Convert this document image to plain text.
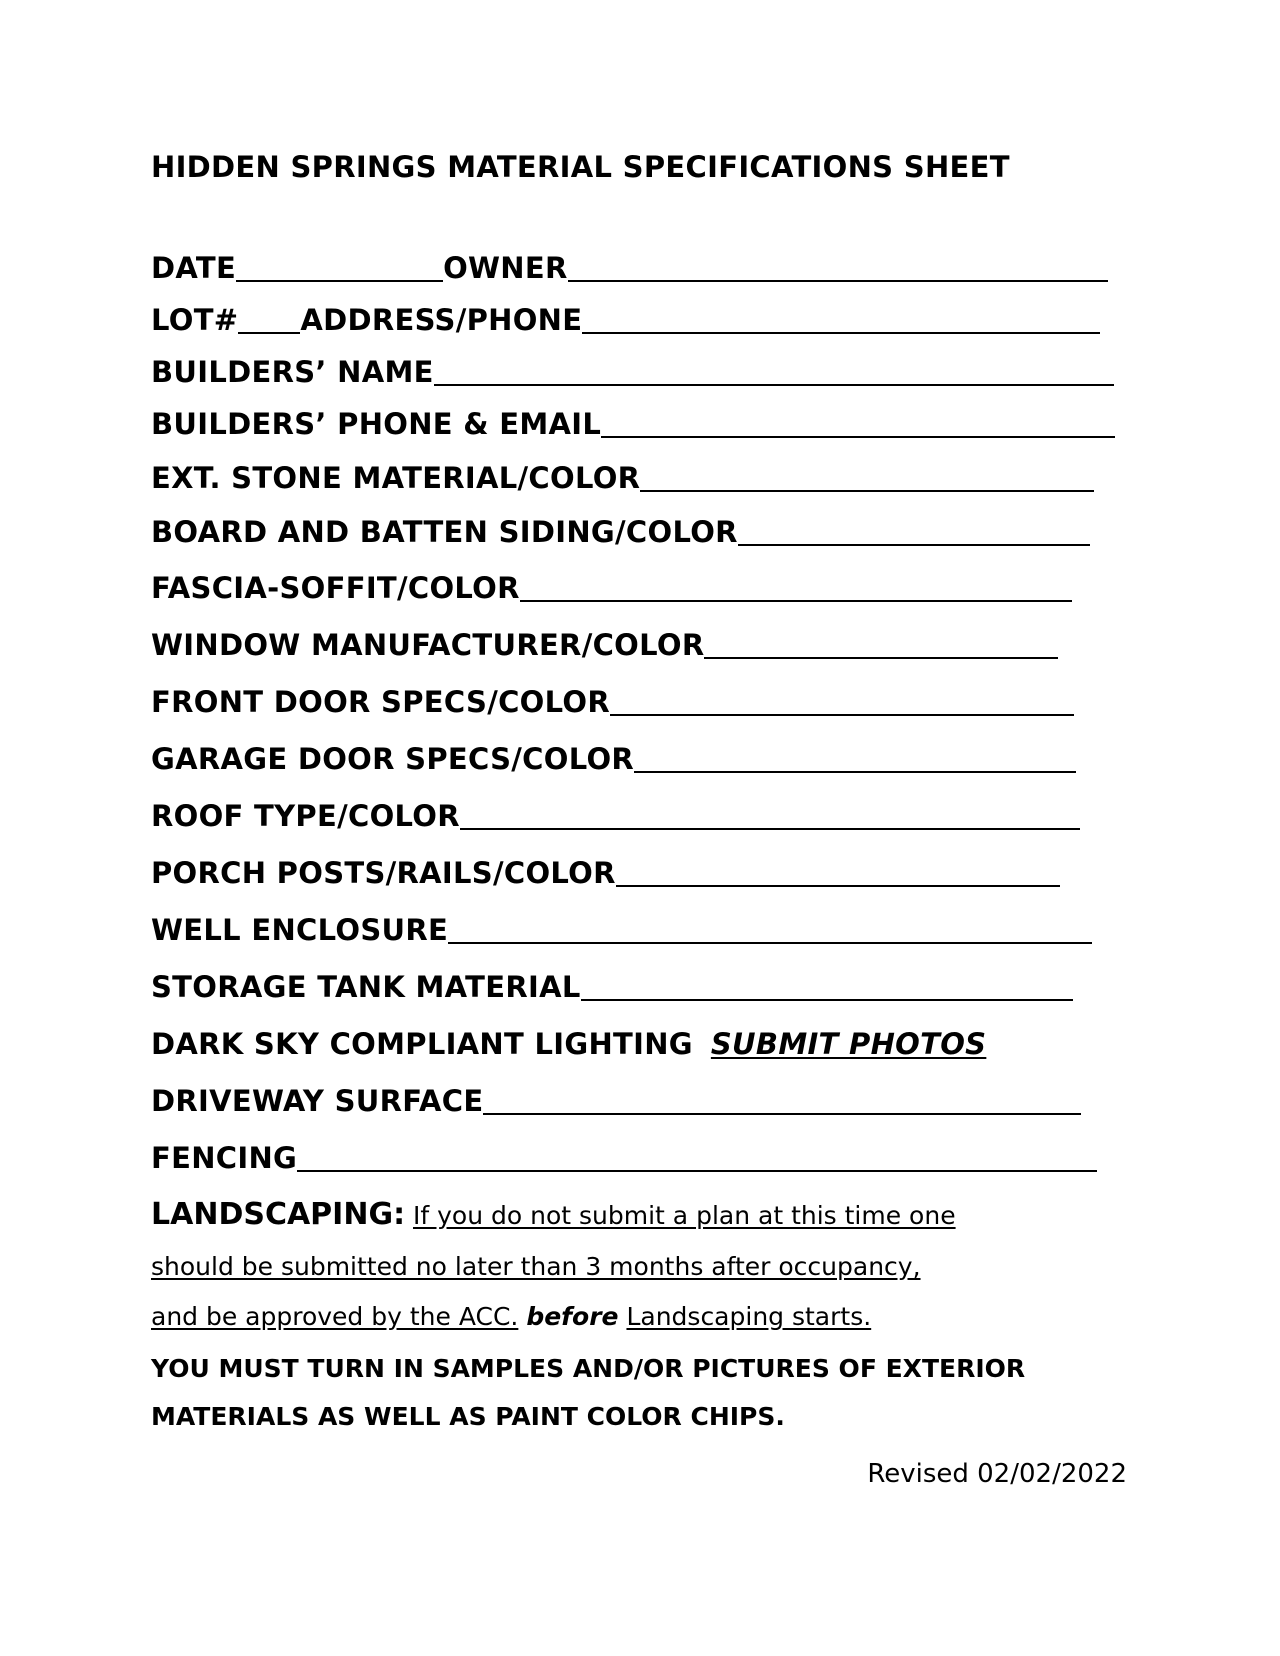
HIDDEN SPRINGS MATERIAL SPECIFICATIONS SHEET
DATE	OWNER
LOT# ADDRESS/PHONE
BUILDERS’ NAME
BUILDERS’ PHONE & EMAIL
EXT. STONE MATERIAL/COLOR
BOARD AND BATTEN SIDING/COLOR
FASCIA-SOFFIT/COLOR
WINDOW MANUFACTURER/COLOR
FRONT DOOR SPECS/COLOR
GARAGE DOOR SPECS/COLOR
ROOF TYPE/COLOR
PORCH POSTS/RAILS/COLOR
WELL ENCLOSURE
STORAGE TANK MATERIAL
DARK SKY COMPLIANT LIGHTING SUBMIT PHOTOS
DRIVEWAY SURFACE
FENCING
LANDSCAPING: If you do not submit a plan at this time one
should be submitted no later than 3 months after occupancy,
and be approved by the ACC. before Landscaping starts.
YOU MUST TURN IN SAMPLES AND/OR PICTURES OF EXTERIOR
MATERIALS AS WELL AS PAINT COLOR CHIPS.
Revised 02/02/2022
